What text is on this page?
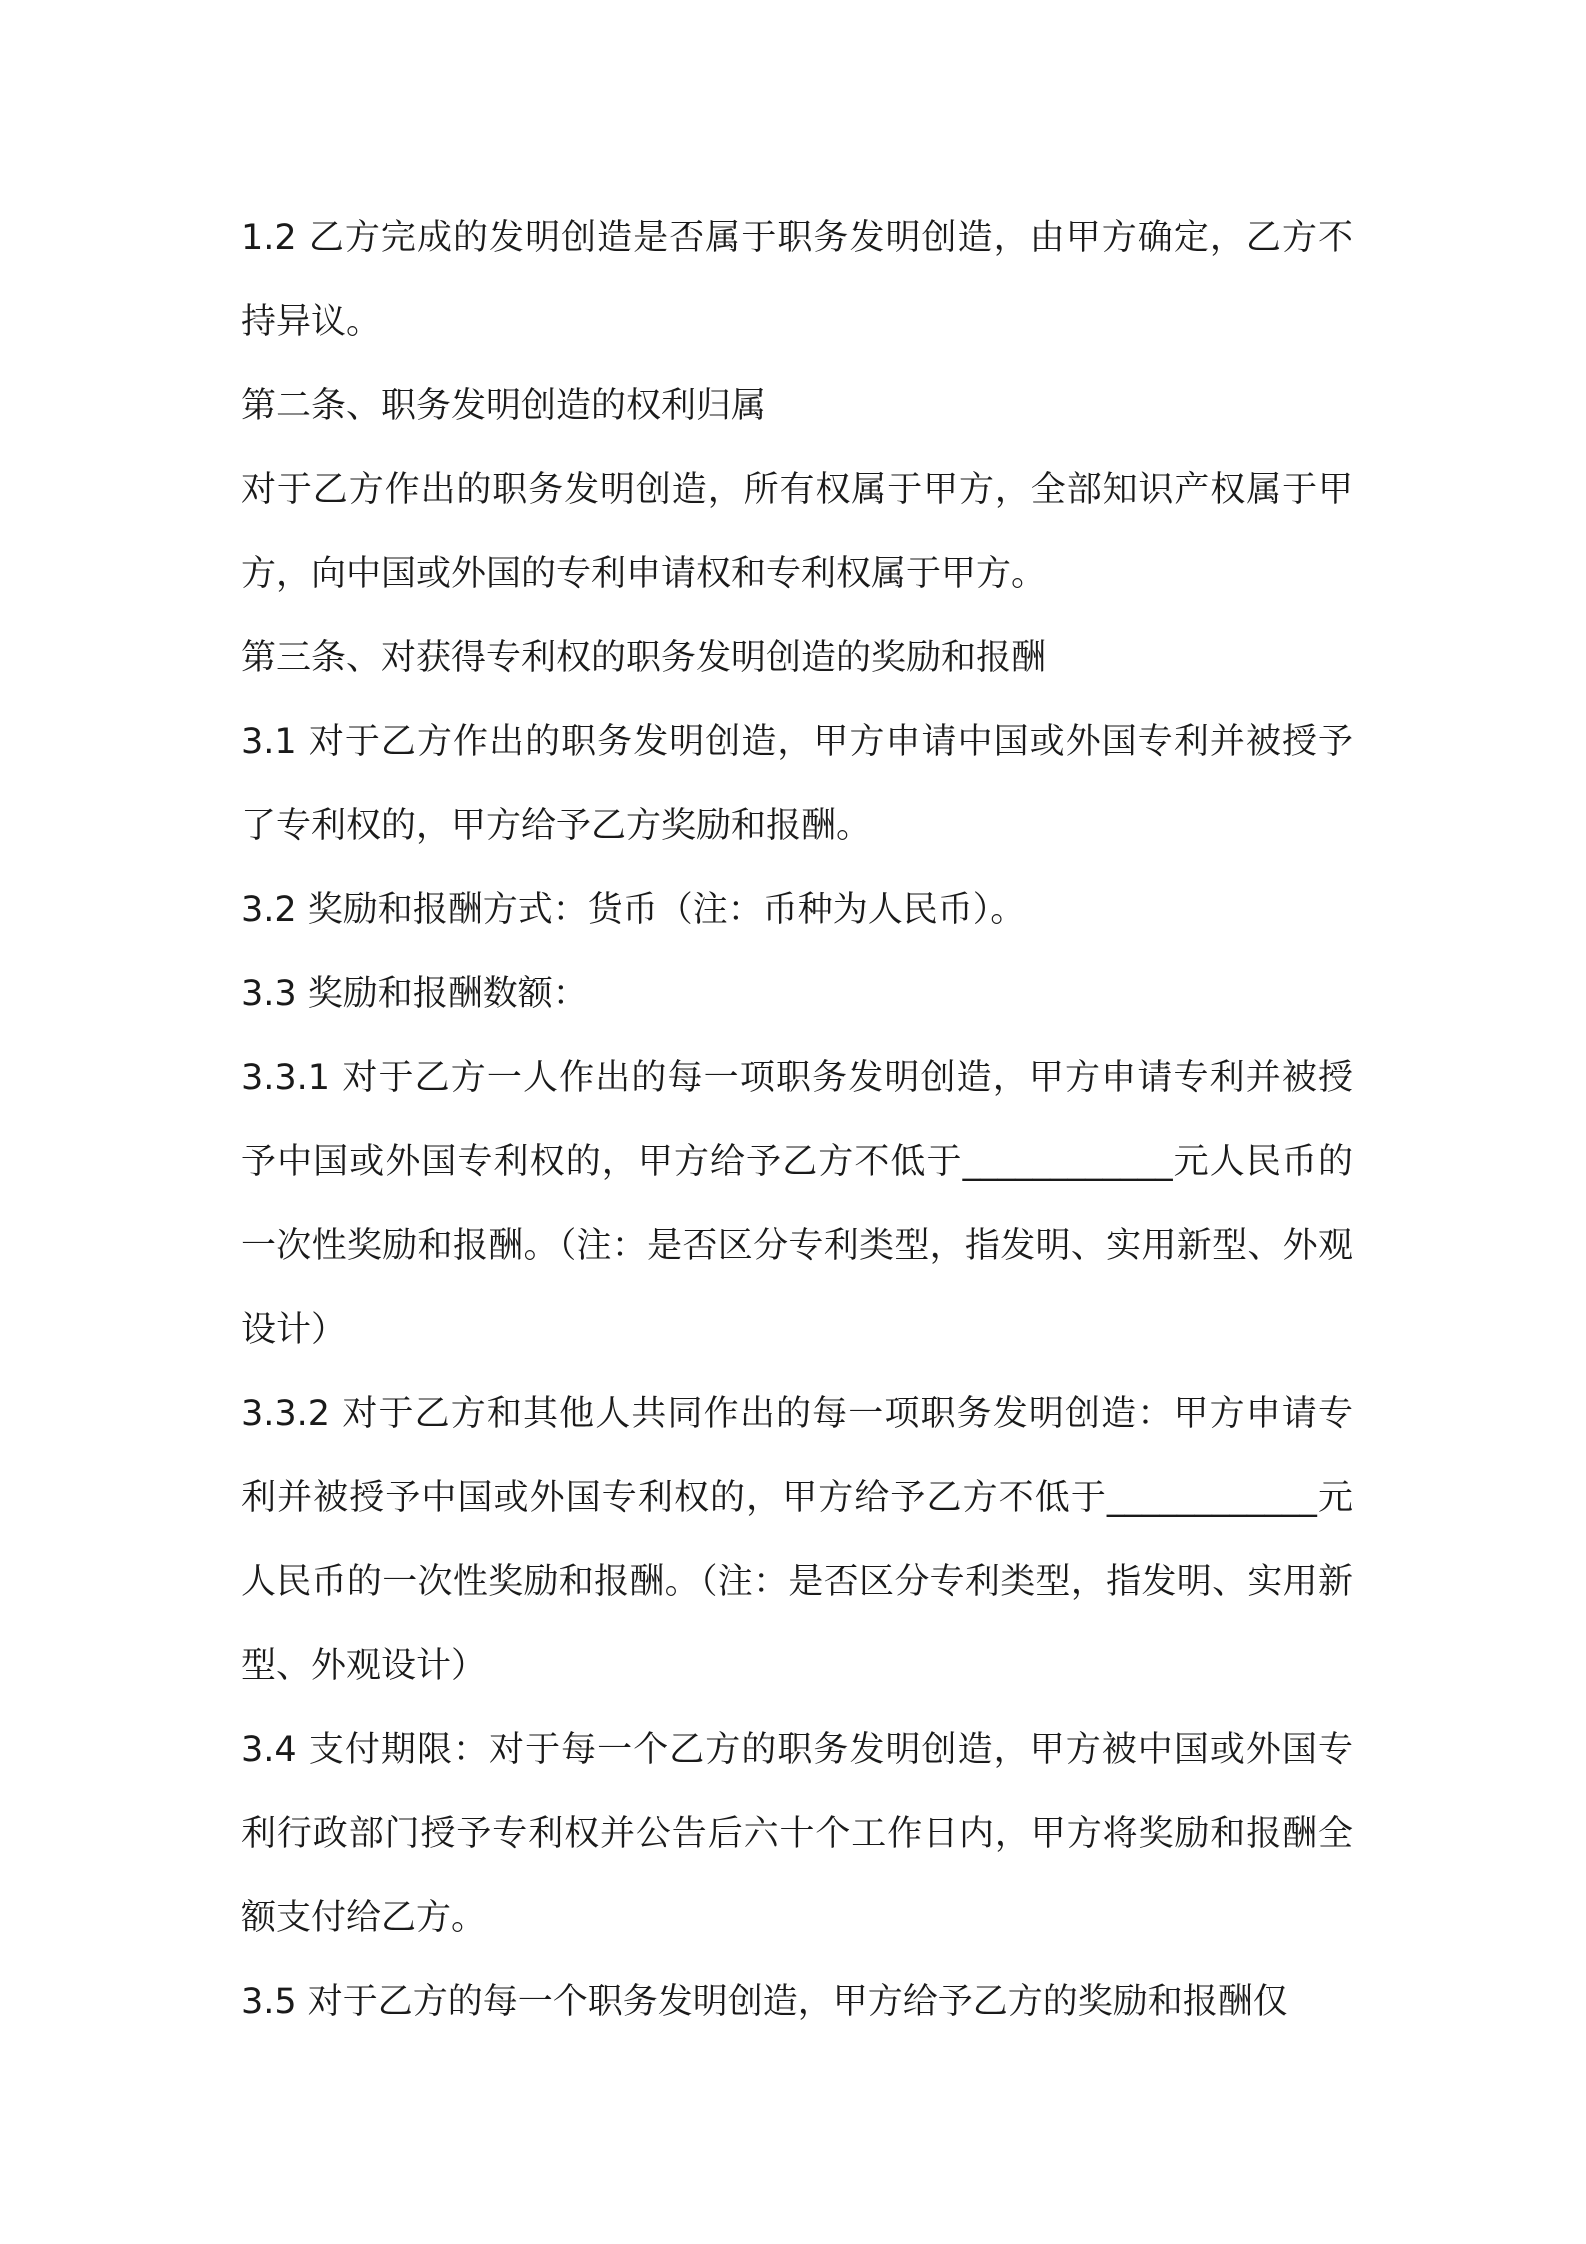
1.2 乙方完成的发明创造是否属于职务发明创造，由甲方确定，乙方不持异议。

第二条、职务发明创造的权利归属

对于乙方作出的职务发明创造，所有权属于甲方，全部知识产权属于甲方，向中国或外国的专利申请权和专利权属于甲方。

第三条、对获得专利权的职务发明创造的奖励和报酬

3.1 对于乙方作出的职务发明创造，甲方申请中国或外国专利并被授予了专利权的，甲方给予乙方奖励和报酬。

3.2 奖励和报酬方式：货币（注：币种为人民币）。

3.3 奖励和报酬数额：

3.3.1 对于乙方一人作出的每一项职务发明创造，甲方申请专利并被授予中国或外国专利权的，甲方给予乙方不低于____________元人民币的一次性奖励和报酬。（注：是否区分专利类型，指发明、实用新型、外观设计）

3.3.2 对于乙方和其他人共同作出的每一项职务发明创造：甲方申请专利并被授予中国或外国专利权的，甲方给予乙方不低于____________元人民币的一次性奖励和报酬。（注：是否区分专利类型，指发明、实用新型、外观设计）

3.4 支付期限：对于每一个乙方的职务发明创造，甲方被中国或外国专利行政部门授予专利权并公告后六十个工作日内，甲方将奖励和报酬全额支付给乙方。

3.5 对于乙方的每一个职务发明创造，甲方给予乙方的奖励和报酬仅
